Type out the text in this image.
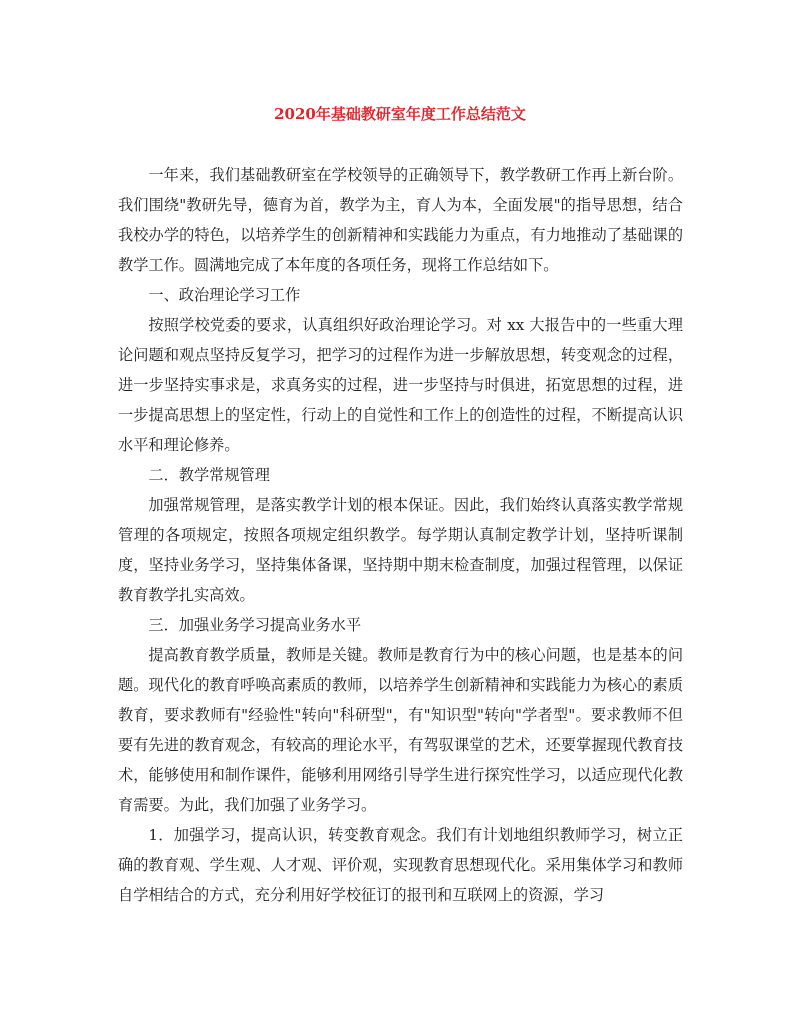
2020年基础教研室年度工作总结范文

一年来，我们基础教研室在学校领导的正确领导下，教学教研工作再上新台阶。我们围绕"教研先导，德育为首，教学为主，育人为本，全面发展"的指导思想，结合我校办学的特色，以培养学生的创新精神和实践能力为重点，有力地推动了基础课的教学工作。圆满地完成了本年度的各项任务，现将工作总结如下。

一、政治理论学习工作

按照学校党委的要求，认真组织好政治理论学习。对 xx 大报告中的一些重大理论问题和观点坚持反复学习，把学习的过程作为进一步解放思想，转变观念的过程，进一步坚持实事求是，求真务实的过程，进一步坚持与时俱进，拓宽思想的过程，进一步提高思想上的坚定性，行动上的自觉性和工作上的创造性的过程，不断提高认识水平和理论修养。

二．教学常规管理

加强常规管理，是落实教学计划的根本保证。因此，我们始终认真落实教学常规管理的各项规定，按照各项规定组织教学。每学期认真制定教学计划，坚持听课制度，坚持业务学习，坚持集体备课，坚持期中期末检查制度，加强过程管理，以保证教育教学扎实高效。

三．加强业务学习提高业务水平

提高教育教学质量，教师是关键。教师是教育行为中的核心问题，也是基本的问题。现代化的教育呼唤高素质的教师，以培养学生创新精神和实践能力为核心的素质教育，要求教师有"经验性"转向"科研型"，有"知识型"转向"学者型"。要求教师不但要有先进的教育观念，有较高的理论水平，有驾驭课堂的艺术，还要掌握现代教育技术，能够使用和制作课件，能够利用网络引导学生进行探究性学习，以适应现代化教育需要。为此，我们加强了业务学习。

1．加强学习，提高认识，转变教育观念。我们有计划地组织教师学习，树立正确的教育观、学生观、人才观、评价观，实现教育思想现代化。采用集体学习和教师自学相结合的方式，充分利用好学校征订的报刊和互联网上的资源，学习
